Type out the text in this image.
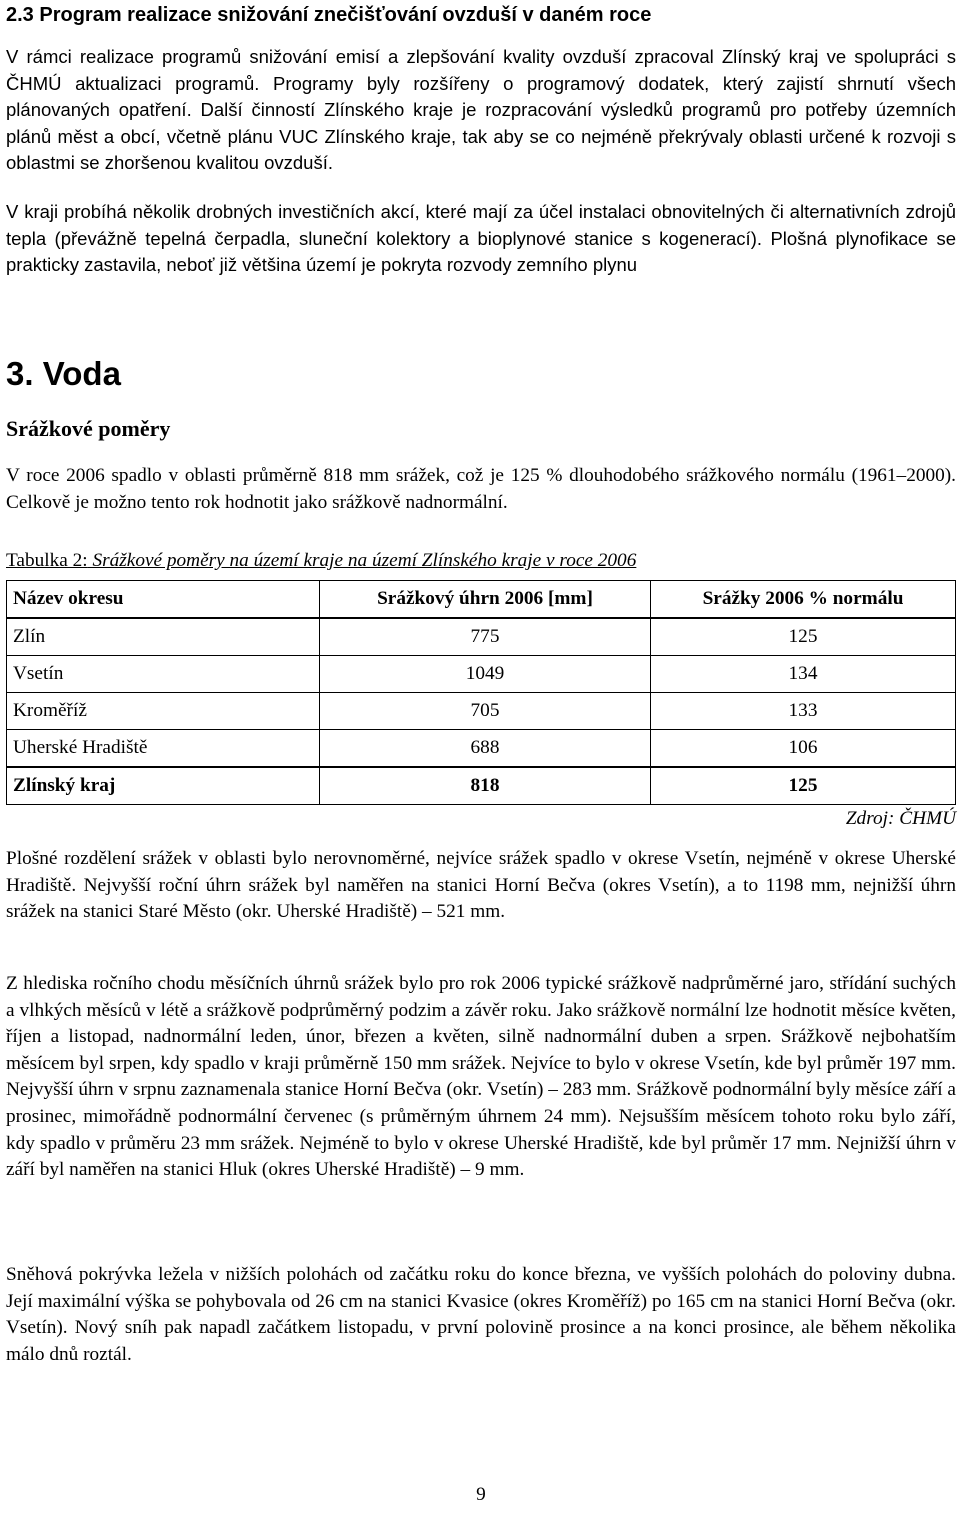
2.3 Program realizace snižování znečišťování ovzduší v daném roce

V rámci realizace programů snižování emisí a zlepšování kvality ovzduší zpracoval Zlínský kraj ve spolupráci s ČHMÚ aktualizaci programů. Programy byly rozšířeny o programový dodatek, který zajistí shrnutí všech plánovaných opatření. Další činností Zlínského kraje je rozpracování výsledků programů pro potřeby územních plánů měst a obcí, včetně plánu VUC Zlínského kraje, tak aby se co nejméně překrývaly oblasti určené k rozvoji s oblastmi se zhoršenou kvalitou ovzduší.

V kraji probíhá několik drobných investičních akcí, které mají za účel instalaci obnovitelných či alternativních zdrojů tepla (převážně tepelná čerpadla, sluneční kolektory a bioplynové stanice s kogenerací). Plošná plynofikace se prakticky zastavila, neboť již většina území je pokryta rozvody zemního plynu

3. Voda
Srážkové poměry

V roce 2006 spadlo v oblasti průměrně 818 mm srážek, což je 125 % dlouhodobého srážkového normálu (1961–2000). Celkově je možno tento rok hodnotit jako srážkově nadnormální.

Tabulka 2: Srážkové poměry na území kraje na území Zlínského kraje v roce 2006

Název okresu	Srážkový úhrn 2006 [mm]	Srážky 2006 % normálu
Zlín	775	125
Vsetín	1049	134
Kroměříž	705	133
Uherské Hradiště	688	106
Zlínský kraj	818	125

Zdroj: ČHMÚ

Plošné rozdělení srážek v oblasti bylo nerovnoměrné, nejvíce srážek spadlo v okrese Vsetín, nejméně v okrese Uherské Hradiště. Nejvyšší roční úhrn srážek byl naměřen na stanici Horní Bečva (okres Vsetín), a to 1198 mm, nejnižší úhrn srážek na stanici Staré Město (okr. Uherské Hradiště) – 521 mm.

Z hlediska ročního chodu měsíčních úhrnů srážek bylo pro rok 2006 typické srážkově nadprůměrné jaro, střídání suchých a vlhkých měsíců v létě a srážkově podprůměrný podzim a závěr roku. Jako srážkově normální lze hodnotit měsíce květen, říjen a listopad, nadnormální leden, únor, březen a květen, silně nadnormální duben a srpen. Srážkově nejbohatším měsícem byl srpen, kdy spadlo v kraji průměrně 150 mm srážek. Nejvíce to bylo v okrese Vsetín, kde byl průměr 197 mm. Nejvyšší úhrn v srpnu zaznamenala stanice Horní Bečva (okr. Vsetín) – 283 mm. Srážkově podnormální byly měsíce září a prosinec, mimořádně podnormální červenec (s průměrným úhrnem 24 mm). Nejsušším měsícem tohoto roku bylo září, kdy spadlo v průměru 23 mm srážek. Nejméně to bylo v okrese Uherské Hradiště, kde byl průměr 17 mm. Nejnižší úhrn v září byl naměřen na stanici Hluk (okres Uherské Hradiště) – 9 mm.

Sněhová pokrývka ležela v nižších polohách od začátku roku do konce března, ve vyšších polohách do poloviny dubna. Její maximální výška se pohybovala od 26 cm na stanici Kvasice (okres Kroměříž) po 165 cm na stanici Horní Bečva (okr. Vsetín). Nový sníh pak napadl začátkem listopadu, v první polovině prosince a na konci prosince, ale během několika málo dnů roztál.

9
